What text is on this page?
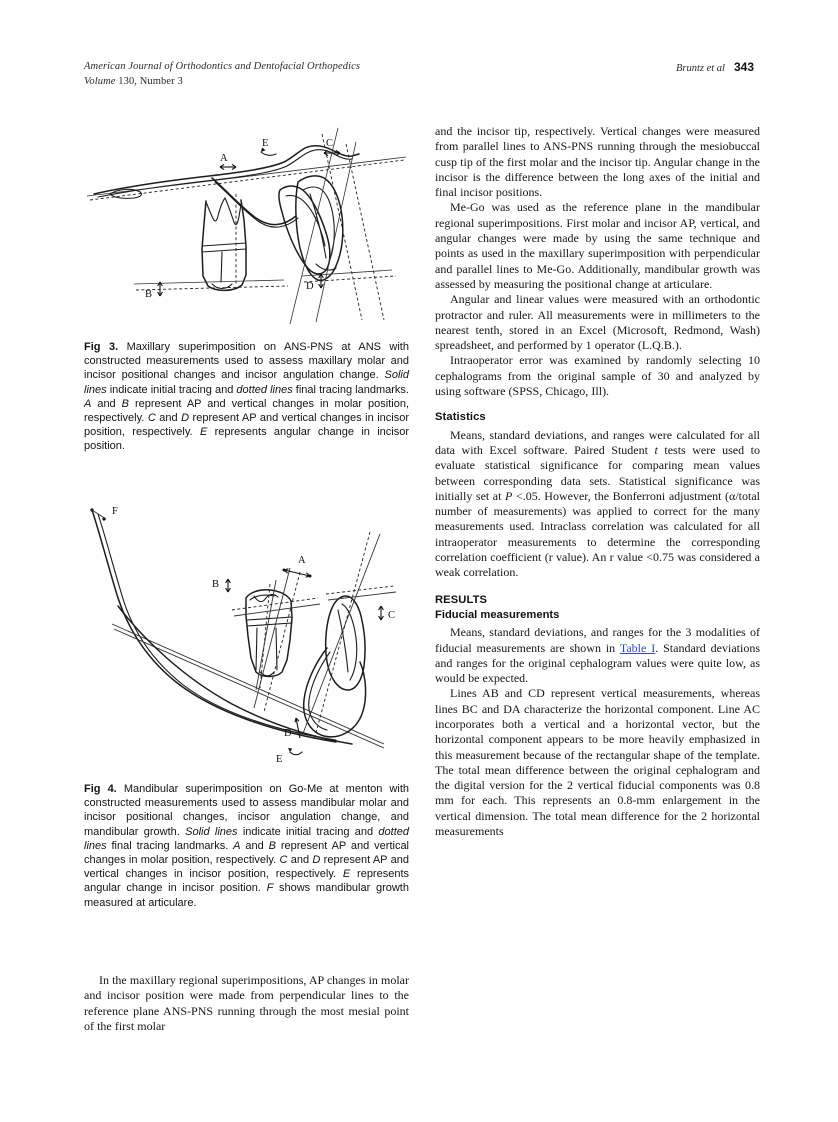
American Journal of Orthodontics and Dentofacial Orthopedics
Volume 130, Number 3
Bruntz et al 343
A
B
C
D
E

Fig 3. Maxillary superimposition on ANS-PNS at ANS with constructed measurements used to assess maxillary molar and incisor positional changes and incisor angulation change. Solid lines indicate initial tracing and dotted lines final tracing landmarks. A and B represent AP and vertical changes in molar position, respectively. C and D represent AP and vertical changes in incisor position, respectively. E represents angular change in incisor position.

F
A
B
C
D
E

Fig 4. Mandibular superimposition on Go-Me at menton with constructed measurements used to assess mandibular molar and incisor positional changes, incisor angulation change, and mandibular growth. Solid lines indicate initial tracing and dotted lines final tracing landmarks. A and B represent AP and vertical changes in molar position, respectively. C and D represent AP and vertical changes in incisor position, respectively. E represents angular change in incisor position. F shows mandibular growth measured at articulare.

In the maxillary regional superimpositions, AP changes in molar and incisor position were made from perpendicular lines to the reference plane ANS-PNS running through the most mesial point of the first molar

and the incisor tip, respectively. Vertical changes were measured from parallel lines to ANS-PNS running through the mesiobuccal cusp tip of the first molar and the incisor tip. Angular change in the incisor is the difference between the long axes of the initial and final incisor positions.

Me-Go was used as the reference plane in the mandibular regional superimpositions. First molar and incisor AP, vertical, and angular changes were made by using the same technique and points as used in the maxillary superimposition with perpendicular and parallel lines to Me-Go. Additionally, mandibular growth was assessed by measuring the positional change at articulare.

Angular and linear values were measured with an orthodontic protractor and ruler. All measurements were in millimeters to the nearest tenth, stored in an Excel (Microsoft, Redmond, Wash) spreadsheet, and performed by 1 operator (L.Q.B.).

Intraoperator error was examined by randomly selecting 10 cephalograms from the original sample of 30 and analyzed by using software (SPSS, Chicago, Ill).

Statistics

Means, standard deviations, and ranges were calculated for all data with Excel software. Paired Student t tests were used to evaluate statistical significance for comparing mean values between corresponding data sets. Statistical significance was initially set at P <.05. However, the Bonferroni adjustment (α/total number of measurements) was applied to correct for the many measurements used. Intraclass correlation was calculated for all intraoperator measurements to determine the corresponding correlation coefficient (r value). An r value <0.75 was considered a weak correlation.

RESULTS
Fiducial measurements

Means, standard deviations, and ranges for the 3 modalities of fiducial measurements are shown in Table I. Standard deviations and ranges for the original cephalogram values were quite low, as would be expected.

Lines AB and CD represent vertical measurements, whereas lines BC and DA characterize the horizontal component. Line AC incorporates both a vertical and a horizontal vector, but the horizontal component appears to be more heavily emphasized in this measurement because of the rectangular shape of the template. The total mean difference between the original cephalogram and the digital version for the 2 vertical fiducial components was 0.8 mm for each. This represents an 0.8-mm enlargement in the vertical dimension. The total mean difference for the 2 horizontal measurements
